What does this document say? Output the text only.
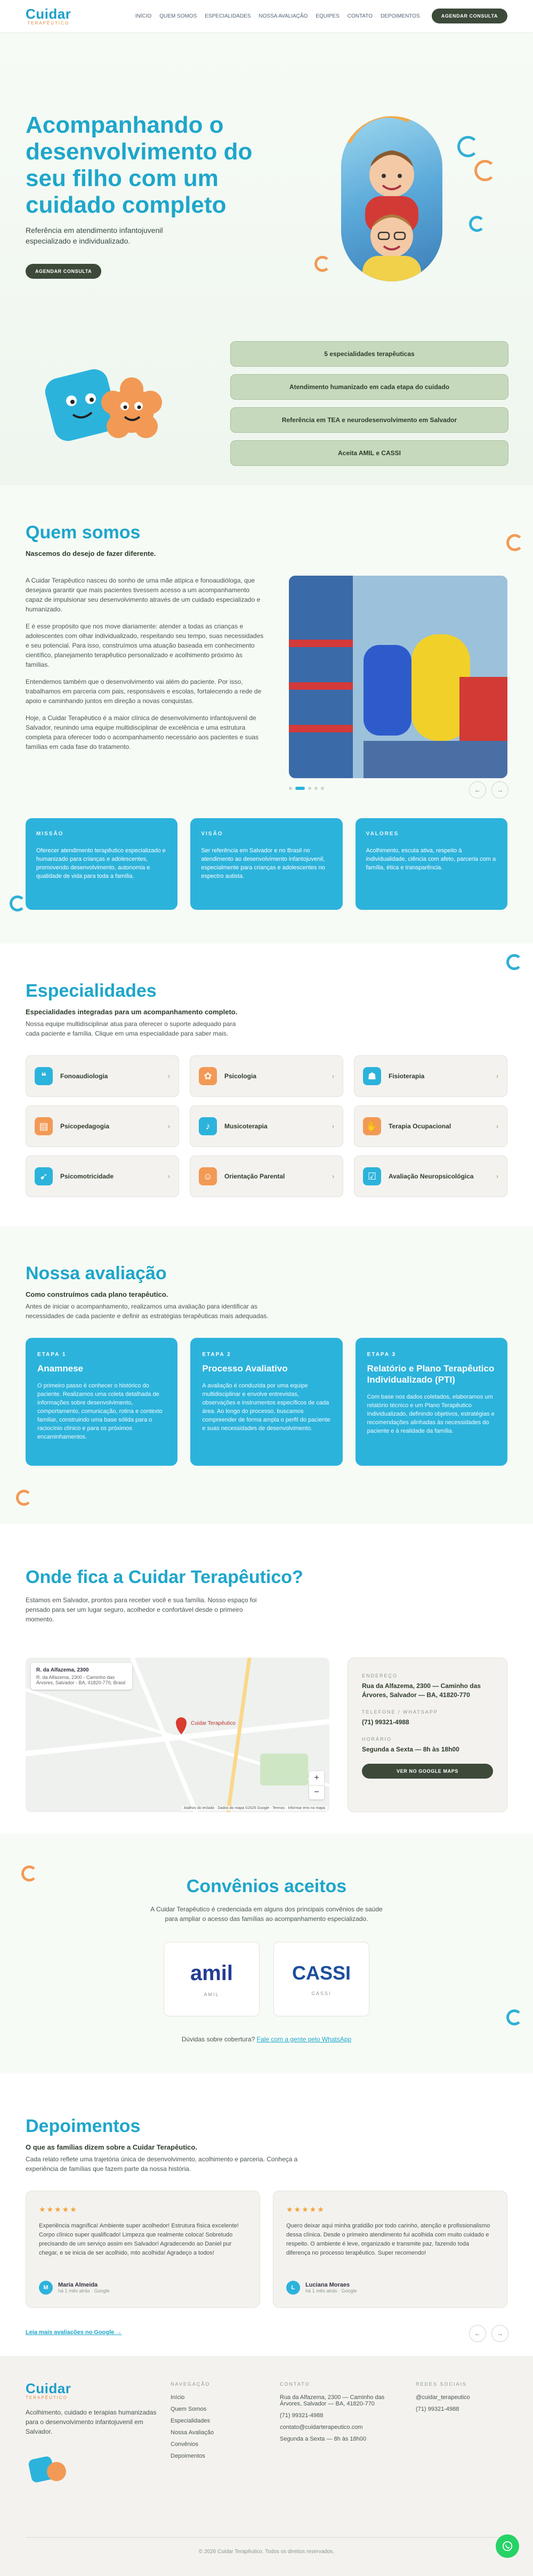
Cuidar
TERAPÊUTICO
INÍCIO QUEM SOMOS ESPECIALIDADES NOSSA AVALIAÇÃO EQUIPES CONTATO DEPOIMENTOS	AGENDAR CONSULTA
Acompanhando o desenvolvimento do seu filho com um cuidado completo

Referência em atendimento infantojuvenil especializado e individualizado.

AGENDAR CONSULTA
5 especialidades terapêuticas
Atendimento humanizado em cada etapa do cuidado
Referência em TEA e neurodesenvolvimento em Salvador
Aceita AMIL e CASSI
Quem somos

Nascemos do desejo de fazer diferente.

A Cuidar Terapêutico nasceu do sonho de uma mãe atípica e fonoaudióloga, que desejava garantir que mais pacientes tivessem acesso a um acompanhamento capaz de impulsionar seu desenvolvimento através de um cuidado especializado e humanizado.

E é esse propósito que nos move diariamente: atender a todas as crianças e adolescentes com olhar individualizado, respeitando seu tempo, suas necessidades e seu potencial. Para isso, construímos uma atuação baseada em conhecimento científico, planejamento terapêutico personalizado e acolhimento próximo às famílias.

Entendemos também que o desenvolvimento vai além do paciente. Por isso, trabalhamos em parceria com pais, responsáveis e escolas, fortalecendo a rede de apoio e caminhando juntos em direção a novas conquistas.

Hoje, a Cuidar Terapêutico é a maior clínica de desenvolvimento infantojuvenil de Salvador, reunindo uma equipe multidisciplinar de excelência e uma estrutura completa para oferecer todo o acompanhamento necessário aos pacientes e suas famílias em cada fase do tratamento.

←	→
MISSÃO
Oferecer atendimento terapêutico especializado e humanizado para crianças e adolescentes, promovendo desenvolvimento, autonomia e qualidade de vida para toda a família.
VISÃO
Ser referência em Salvador e no Brasil no atendimento ao desenvolvimento infantojuvenil, especialmente para crianças e adolescentes no espectro autista.
VALORES
Acolhimento, escuta ativa, respeito à individualidade, ciência com afeto, parceria com a família, ética e transparência.
Especialidades

Especialidades integradas para um acompanhamento completo.

Nossa equipe multidisciplinar atua para oferecer o suporte adequado para cada paciente e família. Clique em uma especialidade para saber mais.

❝	Fonoaudiologia	›	✿	Psicologia	›	☗	Fisioterapia	›
▤	Psicopedagogia	›	♪	Musicoterapia	›	✋	Terapia Ocupacional	›
➹	Psicomotricidade	›	☺	Orientação Parental	›	☑	Avaliação Neuropsicológica	›
Nossa avaliação

Como construímos cada plano terapêutico.

Antes de iniciar o acompanhamento, realizamos uma avaliação para identificar as necessidades de cada paciente e definir as estratégias terapêuticas mais adequadas.

ETAPA 1
Anamnese
O primeiro passo é conhecer o histórico do paciente. Realizamos uma coleta detalhada de informações sobre desenvolvimento, comportamento, comunicação, rotina e contexto familiar, construindo uma base sólida para o raciocínio clínico e para os próximos encaminhamentos.
ETAPA 2
Processo Avaliativo
A avaliação é conduzida por uma equipe multidisciplinar e envolve entrevistas, observações e instrumentos específicos de cada área. Ao longo do processo, buscamos compreender de forma ampla o perfil do paciente e suas necessidades de desenvolvimento.
ETAPA 3
Relatório e Plano Terapêutico Individualizado (PTI)
Com base nos dados coletados, elaboramos um relatório técnico e um Plano Terapêutico Individualizado, definindo objetivos, estratégias e recomendações alinhadas às necessidades do paciente e à realidade da família.
Onde fica a Cuidar Terapêutico?

Estamos em Salvador, prontos para receber você e sua família. Nosso espaço foi pensado para ser um lugar seguro, acolhedor e confortável desde o primeiro momento.

R. da Alfazema, 2300
R. da Alfazema, 2300 - Caminho das Árvores, Salvador - BA, 41820-770, Brasil
Cuidar Terapêutico
+
−
Atalhos do teclado · Dados do mapa ©2025 Google · Termos · Informar erro no mapa
ENDEREÇO
Rua da Alfazema, 2300 — Caminho das Árvores, Salvador — BA, 41820-770
TELEFONE / WHATSAPP
(71) 99321-4988
HORÁRIO
Segunda a Sexta — 8h às 18h00
VER NO GOOGLE MAPS
Convênios aceitos

A Cuidar Terapêutico é credenciada em alguns dos principais convênios de saúde para ampliar o acesso das famílias ao acompanhamento especializado.

amil
AMIL
CASSI
CASSI

Dúvidas sobre cobertura? Fale com a gente pelo WhatsApp

Depoimentos

O que as famílias dizem sobre a Cuidar Terapêutico.

Cada relato reflete uma trajetória única de desenvolvimento, acolhimento e parceria. Conheça a experiência de famílias que fazem parte da nossa história.

★★★★★
Experiência magnífica! Ambiente super acolhedor! Estrutura física excelente! Corpo clínico super qualificado! Limpeza que realmente coloca! Sobretudo precisando de um serviço assim em Salvador! Agradecendo ao Daniel pur chegar, e se inicia de ser acolhido, mto acolhida! Agradeço a todos!
M	Maria Almeida
há 1 mês atrás · Google
★★★★★
Quero deixar aqui minha gratidão por todo carinho, atenção e profissionalismo dessa clínica. Desde o primeiro atendimento fui acolhida com muito cuidado e respeito. O ambiente é leve, organizado e transmite paz, fazendo toda diferença no processo terapêutico. Super recomendo!
L	Luciana Moraes
há 1 mês atrás · Google
Leia mais avaliações no Google →	←	→
Cuidar
TERAPÊUTICO

Acolhimento, cuidado e terapias humanizadas para o desenvolvimento infantojuvenil em Salvador.

NAVEGAÇÃO
Início
Quem Somos
Especialidades
Nossa Avaliação
Convênios
Depoimentos
CONTATO
Rua da Alfazema, 2300 — Caminho das Árvores, Salvador — BA, 41820-770
(71) 99321-4988
contato@cuidarterapeutico.com
Segunda a Sexta — 8h às 18h00
REDES SOCIAIS
@cuidar_terapeutico
(71) 99321-4988
© 2026 Cuidar Terapêutico. Todos os direitos reservados.
